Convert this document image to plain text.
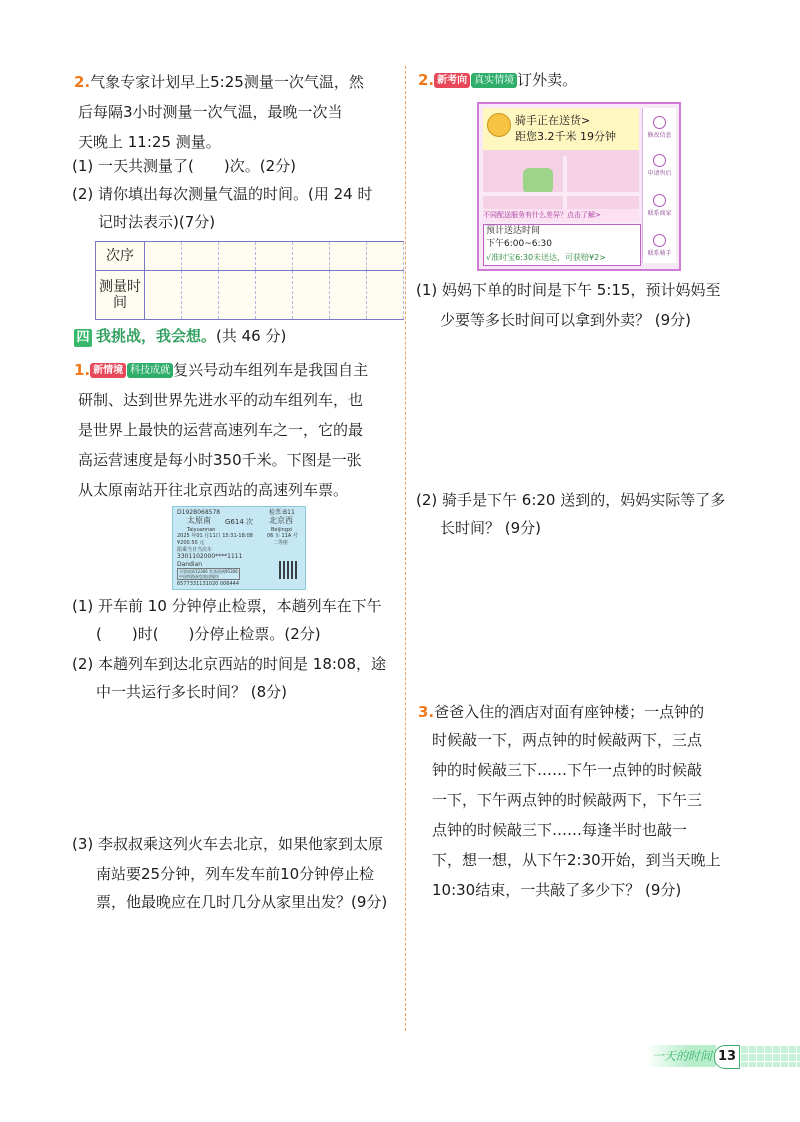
2.气象专家计划早上5:25测量一次气温，然
后每隔3小时测量一次气温，最晚一次当
天晚上 11:25 测量。
(1) 一天共测量了(　　)次。(2分)
(2) 请你填出每次测量气温的时间。(用 24 时
记时法表示)(7分)
次序							
测量时间							
四 我挑战，我会想。(共 46 分)
1. 新情境 科技成就 复兴号动车组列车是我国自主
研制、达到世界先进水平的动车组列车，也
是世界上最快的运营高速列车之一，它的最
高运营速度是每小时350千米。下图是一张
从太原南站开往北京西站的高速列车票。
D192B068578	检票:B11
太原南 G614 次 北京西
Taiyuannan	Beijingxi
2025 年01 月11日 15:31-18:08	06 车 11A 号
¥200.50 元	二等座
限乘当日当次车
3301102000****1111
Dandian
买票请到12306 发货请到95306
中国铁路祝您旅途愉快
6577331131020 006444
(1) 开车前 10 分钟停止检票，本趟列车在下午
(　　)时(　　)分停止检票。(2分)
(2) 本趟列车到达北京西站的时间是 18:08，途
中一共运行多长时间？ (8分)
(3) 李叔叔乘这列火车去北京，如果他家到太原
南站要25分钟，列车发车前10分钟停止检
票，他最晚应在几时几分从家里出发？(9分)
2. 新考向 真实情境 订外卖。
骑手正在送货>
距您3.2千米 19分钟
不同配送服务有什么差异？点击了解>
预计送达时间
下午6:00~6:30
√准时宝6:30未送达，可获赔¥2>
修改信息
申请售后
联系商家
联系骑手
(1) 妈妈下单的时间是下午 5:15，预计妈妈至
少要等多长时间可以拿到外卖？ (9分)
(2) 骑手是下午 6:20 送到的，妈妈实际等了多
长时间？ (9分)
3.爸爸入住的酒店对面有座钟楼；一点钟的
时候敲一下，两点钟的时候敲两下，三点
钟的时候敲三下……下午一点钟的时候敲
一下，下午两点钟的时候敲两下，下午三
点钟的时候敲三下……每逢半时也敲一
下，想一想，从下午2:30开始，到当天晚上
10:30结束，一共敲了多少下？ (9分)
一天的时间 13
